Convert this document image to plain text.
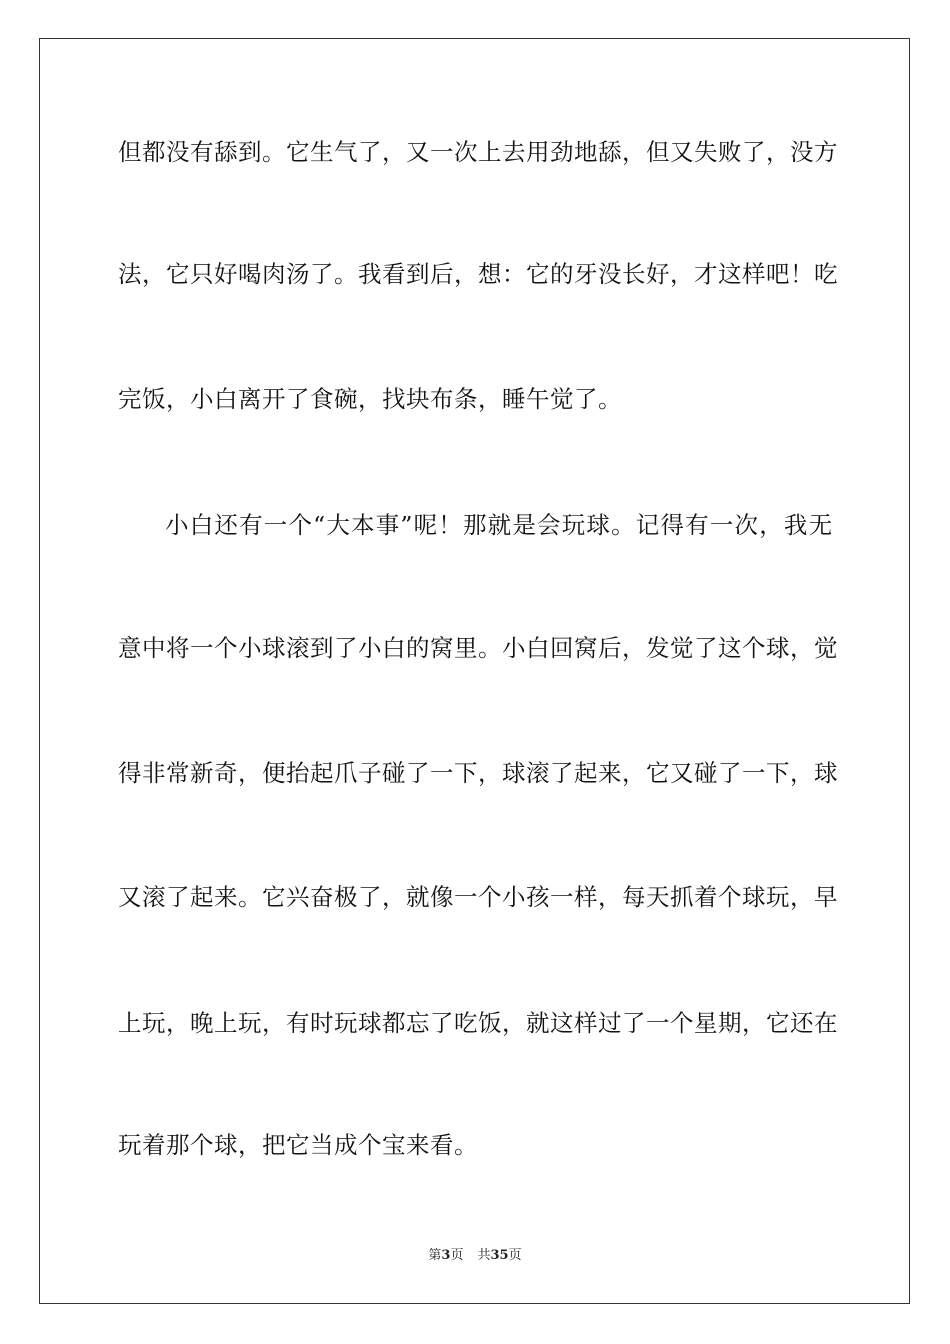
但 都 没 有 舔 到 。 它 生 气 了 ， 又 一 次 上 去 用 劲 地 舔 ， 但 又 失 败 了 ， 没 方
法 ， 它 只 好 喝 肉 汤 了 。 我 看 到 后 ， 想 ： 它 的 牙 没 长 好 ， 才 这 样 吧 ！ 吃
完饭，小白离开了食碗，找块布条，睡午觉了。
小 白 还 有 一 个 “ 大 本 事 ” 呢 ！ 那 就 是 会 玩 球 。 记 得 有 一 次 ， 我 无
意 中 将 一 个 小 球 滚 到 了 小 白 的 窝 里 。 小 白 回 窝 后 ， 发 觉 了 这 个 球 ， 觉
得 非 常 新 奇 ， 便 抬 起 爪 子 碰 了 一 下 ， 球 滚 了 起 来 ， 它 又 碰 了 一 下 ， 球
又 滚 了 起 来 。 它 兴 奋 极 了 ， 就 像 一 个 小 孩 一 样 ， 每 天 抓 着 个 球 玩 ， 早
上 玩 ， 晚 上 玩 ， 有 时 玩 球 都 忘 了 吃 饭 ， 就 这 样 过 了 一 个 星 期 ， 它 还 在
玩着那个球，把它当成个宝来看。
第3页 共35页
